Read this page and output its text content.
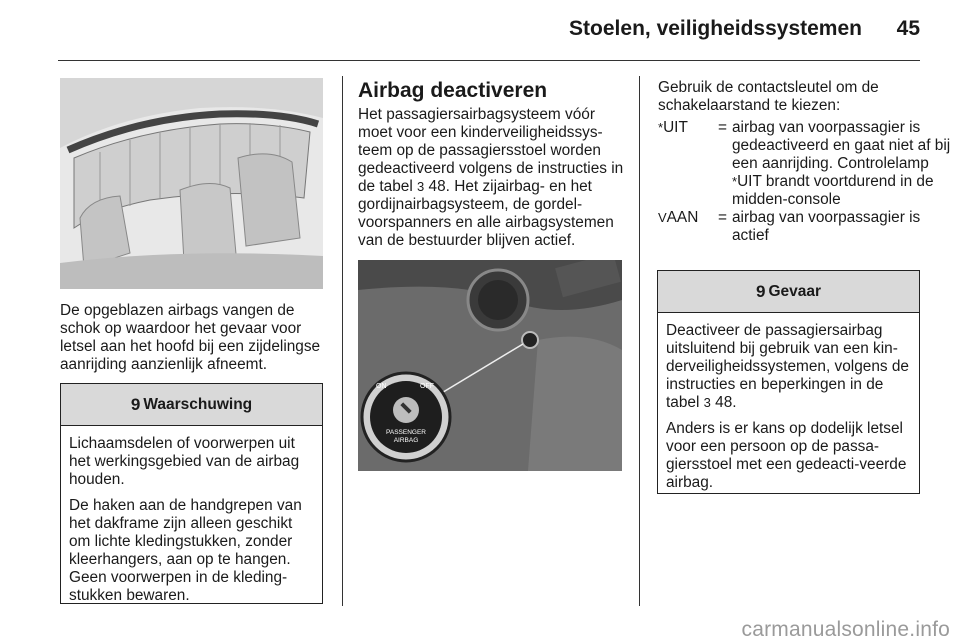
Stoelen, veiligheidssystemen 45

De opgeblazen airbags vangen de schok op waardoor het gevaar voor letsel aan het hoofd bij een zijdelingse aanrijding aanzienlijk afneemt.

9 Waarschuwing

Lichaamsdelen of voorwerpen uit het werkingsgebied van de airbag houden.

De haken aan de handgrepen van het dakframe zijn alleen geschikt om lichte kledingstukken, zonder kleerhangers, aan op te hangen. Geen voorwerpen in de kleding-stukken bewaren.

Airbag deactiveren

Het passagiersairbagsysteem vóór moet voor een kinderveiligheidssys-teem op de passagiersstoel worden gedeactiveerd volgens de instructies in de tabel 3 48. Het zijairbag- en het gordijnairbagsysteem, de gordel-voorspanners en alle airbagsystemen van de bestuurder blijven actief.

ON	OFF
PASSENGER
AIRBAG

Gebruik de contactsleutel om de schakelaarstand te kiezen:

*UIT	= airbag van voorpassagier is gedeactiveerd en gaat niet af bij een aanrijding. Controlelamp *UIT brandt voortdurend in de midden-console
VAAN	= airbag van voorpassagier is actief
9 Gevaar

Deactiveer de passagiersairbag uitsluitend bij gebruik van een kin-derveiligheidssystemen, volgens de instructies en beperkingen in de tabel 3 48.

Anders is er kans op dodelijk letsel voor een persoon op de passa-giersstoel met een gedeacti-veerde airbag.

carmanualsonline.info
